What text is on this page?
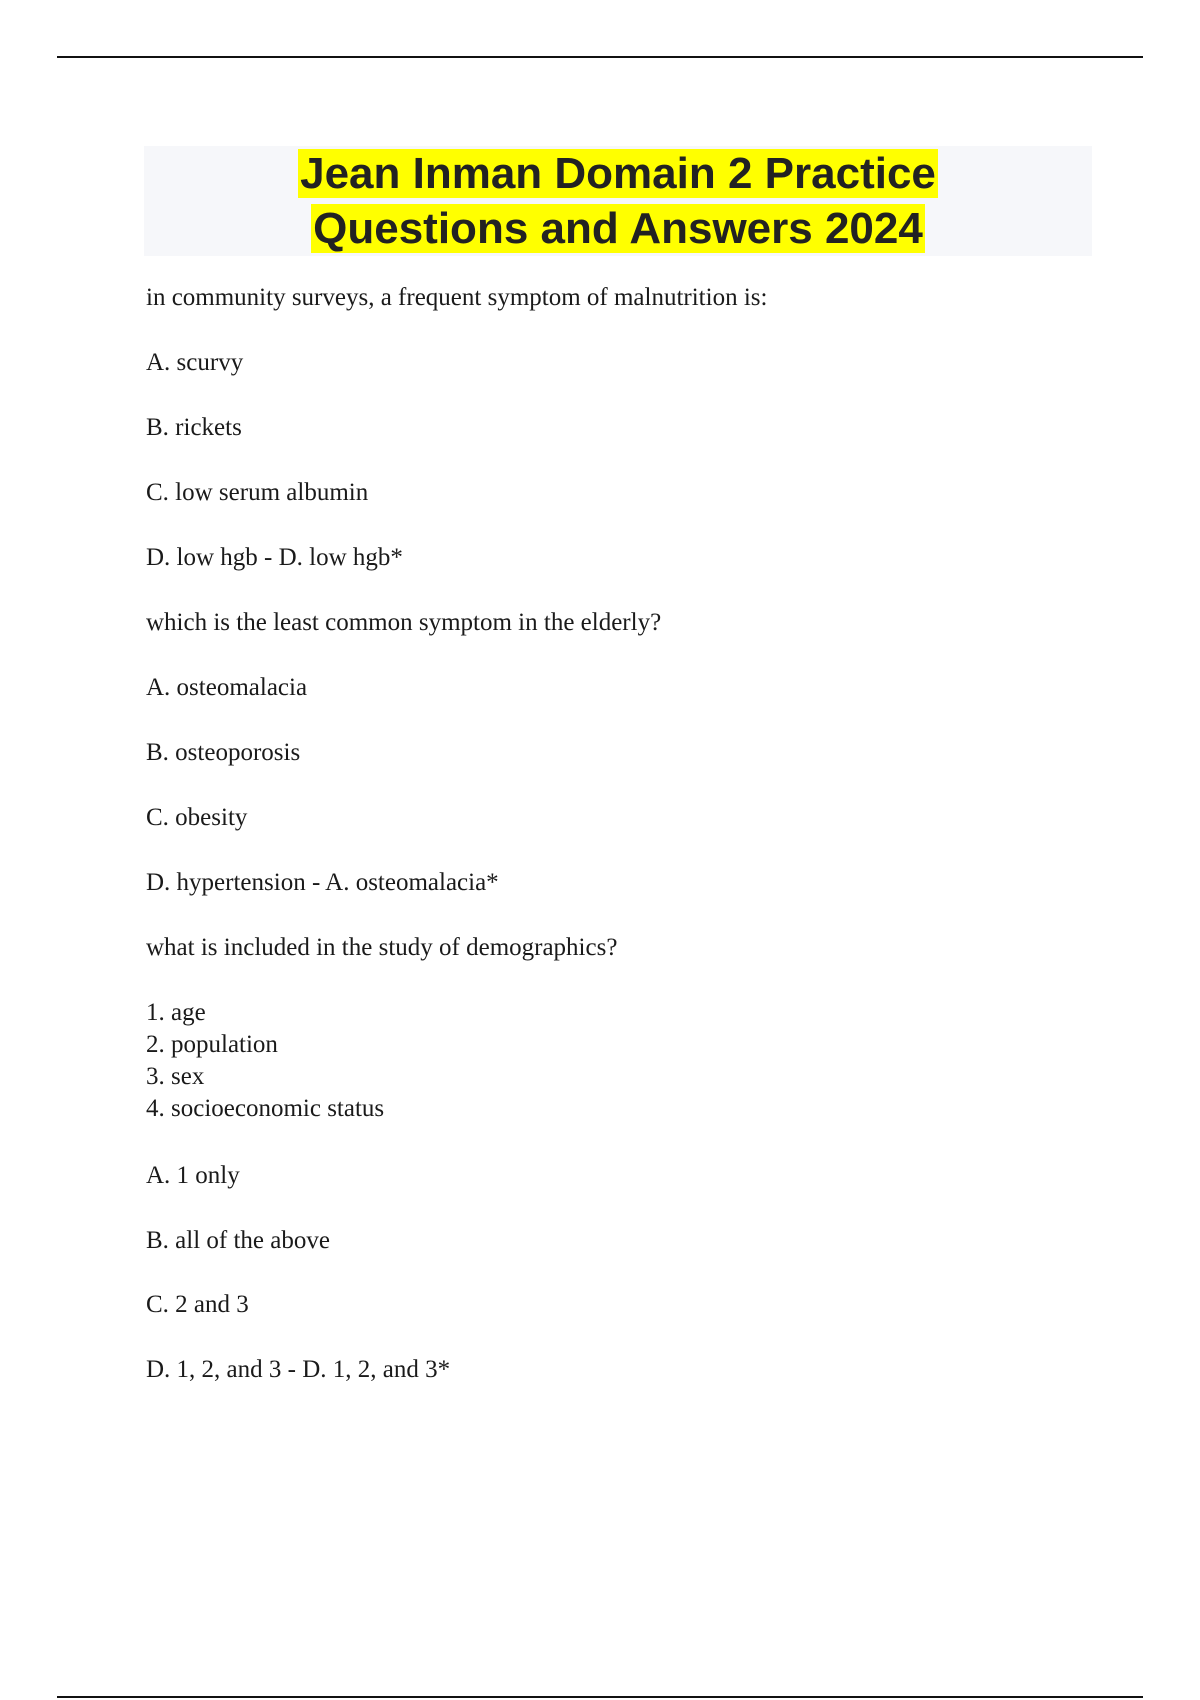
Jean Inman Domain 2 Practice
Questions and Answers 2024
in community surveys, a frequent symptom of malnutrition is:
A. scurvy
B. rickets
C. low serum albumin
D. low hgb - D. low hgb*
which is the least common symptom in the elderly?
A. osteomalacia
B. osteoporosis
C. obesity
D. hypertension - A. osteomalacia*
what is included in the study of demographics?
1. age
2. population
3. sex
4. socioeconomic status
A. 1 only
B. all of the above
C. 2 and 3
D. 1, 2, and 3 - D. 1, 2, and 3*
